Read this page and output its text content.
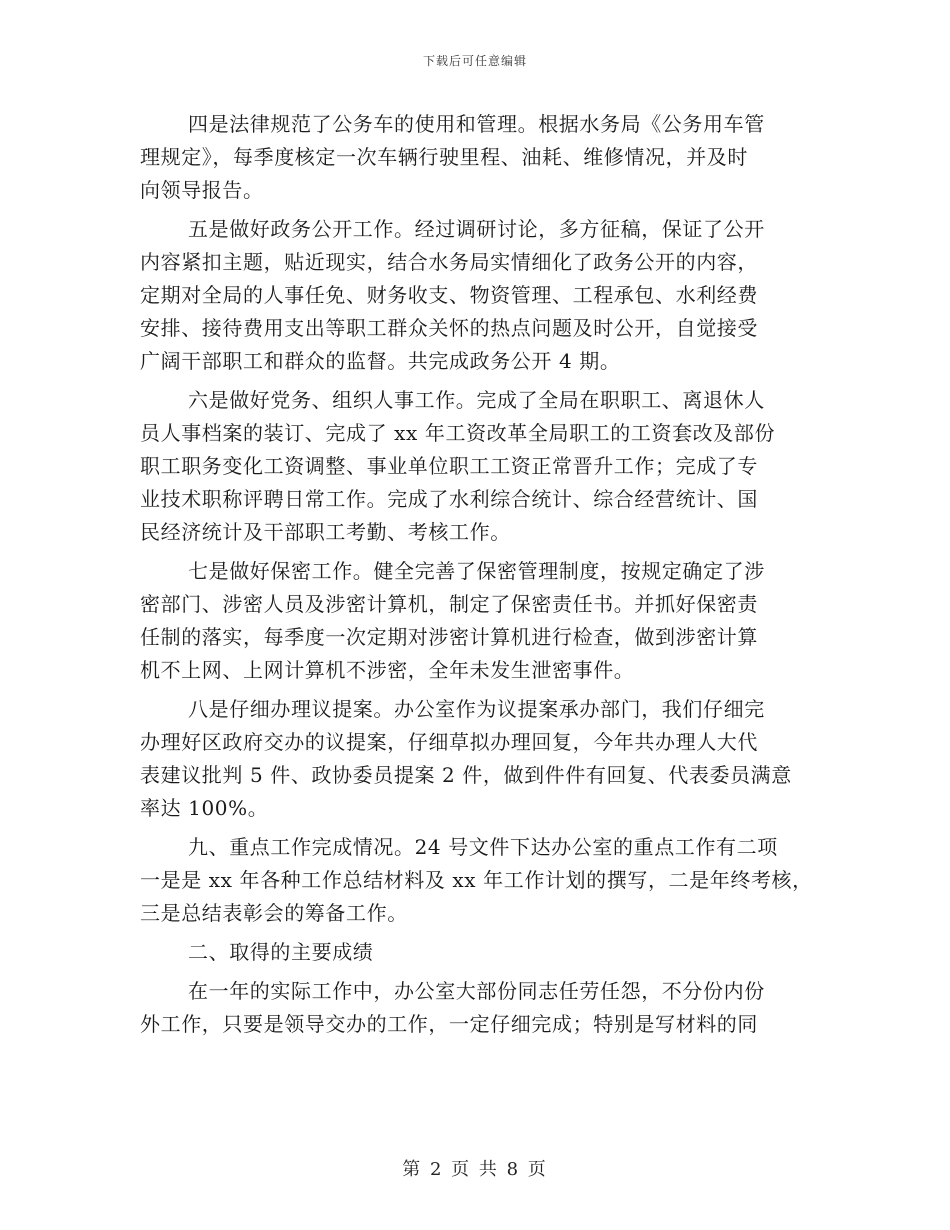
下载后可任意编辑
四是法律规范了公务车的使用和管理。根据水务局《公务用车管
理规定》，每季度核定一次车辆行驶里程、油耗、维修情况，并及时
向领导报告。
五是做好政务公开工作。经过调研讨论，多方征稿，保证了公开
内容紧扣主题，贴近现实，结合水务局实情细化了政务公开的内容，
定期对全局的人事任免、财务收支、物资管理、工程承包、水利经费
安排、接待费用支出等职工群众关怀的热点问题及时公开，自觉接受
广阔干部职工和群众的监督。共完成政务公开 4 期。
六是做好党务、组织人事工作。完成了全局在职职工、离退休人
员人事档案的装订、完成了 xx 年工资改革全局职工的工资套改及部份
职工职务变化工资调整、事业单位职工工资正常晋升工作；完成了专
业技术职称评聘日常工作。完成了水利综合统计、综合经营统计、国
民经济统计及干部职工考勤、考核工作。
七是做好保密工作。健全完善了保密管理制度，按规定确定了涉
密部门、涉密人员及涉密计算机，制定了保密责任书。并抓好保密责
任制的落实，每季度一次定期对涉密计算机进行检查，做到涉密计算
机不上网、上网计算机不涉密，全年未发生泄密事件。
八是仔细办理议提案。办公室作为议提案承办部门，我们仔细完
办理好区政府交办的议提案，仔细草拟办理回复，今年共办理人大代
表建议批判 5 件、政协委员提案 2 件，做到件件有回复、代表委员满意
率达 100%。
九、重点工作完成情况。24 号文件下达办公室的重点工作有二项
一是是 xx 年各种工作总结材料及 xx 年工作计划的撰写，二是年终考核，
三是总结表彰会的筹备工作。
二、取得的主要成绩
在一年的实际工作中，办公室大部份同志任劳任怨，不分份内份
外工作，只要是领导交办的工作，一定仔细完成；特别是写材料的同
第 2 页 共 8 页
